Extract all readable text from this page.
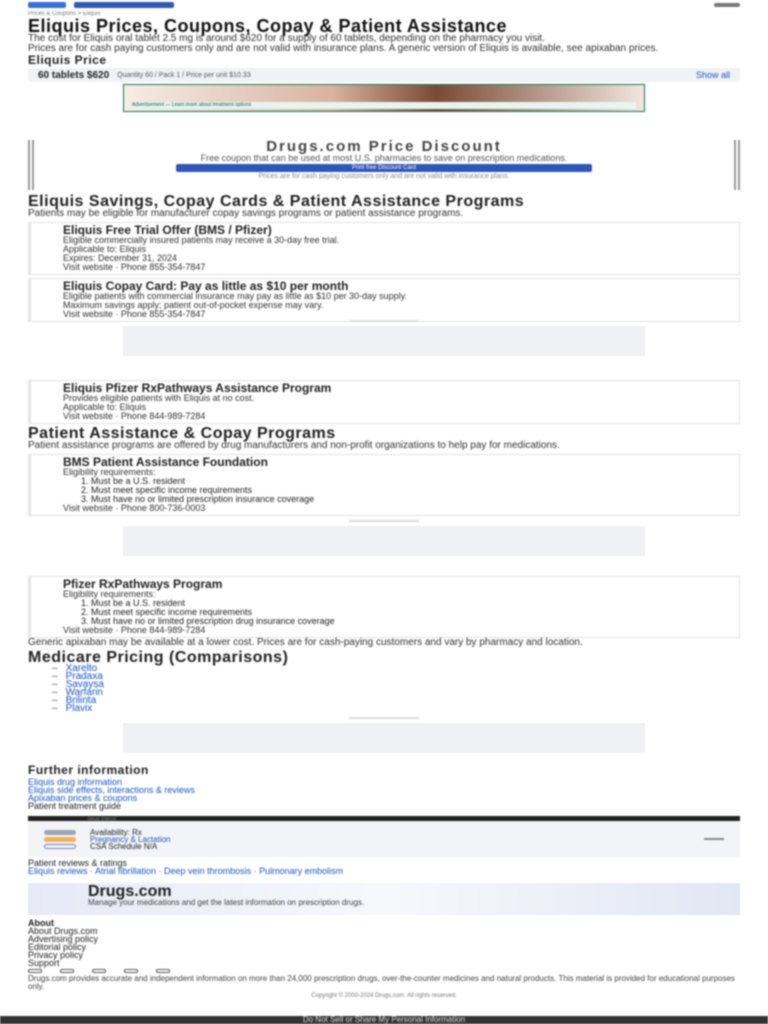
Prices & Coupons > Eliquis
Eliquis Prices, Coupons, Copay & Patient Assistance

The cost for Eliquis oral tablet 2.5 mg is around $620 for a supply of 60 tablets, depending on the pharmacy you visit.

Prices are for cash paying customers only and are not valid with insurance plans. A generic version of Eliquis is available, see apixaban prices.

Eliquis Price
60 tablets $620 Quantity 60 / Pack 1 / Price per unit $10.33	Show all
Advertisement — Learn more about treatment options
Drugs.com Price Discount
Free coupon that can be used at most U.S. pharmacies to save on prescription medications.
Print free Discount Card
Prices are for cash paying customers only and are not valid with insurance plans.
Eliquis Savings, Copay Cards & Patient Assistance Programs

Patients may be eligible for manufacturer copay savings programs or patient assistance programs.

Eliquis Free Trial Offer (BMS / Pfizer)
Eligible commercially insured patients may receive a 30-day free trial.
Applicable to: Eliquis
Expires: December 31, 2024
Visit website · Phone 855-354-7847
Eliquis Copay Card: Pay as little as $10 per month
Eligible patients with commercial insurance may pay as little as $10 per 30-day supply.
Maximum savings apply; patient out-of-pocket expense may vary.
Visit website · Phone 855-354-7847
Eliquis Pfizer RxPathways Assistance Program
Provides eligible patients with Eliquis at no cost.
Applicable to: Eliquis
Visit website · Phone 844-989-7284
Patient Assistance & Copay Programs

Patient assistance programs are offered by drug manufacturers and non-profit organizations to help pay for medications.

BMS Patient Assistance Foundation
Eligibility requirements:
1. Must be a U.S. resident
2. Must meet specific income requirements
3. Must have no or limited prescription insurance coverage
Visit website · Phone 800-736-0003
Pfizer RxPathways Program
Eligibility requirements:
1. Must be a U.S. resident
2. Must meet specific income requirements
3. Must have no or limited prescription drug insurance coverage
Visit website · Phone 844-989-7284

Generic apixaban may be available at a lower cost. Prices are for cash-paying customers and vary by pharmacy and location.

Medicare Pricing (Comparisons)
– Xarelto
– Pradaxa
– Savaysa
– Warfarin
– Brilinta
– Plavix
Further information
Eliquis drug information
Eliquis side effects, interactions & reviews
Apixaban prices & coupons
Patient treatment guide
DRUG STATUS
Availability: Rx
Pregnancy & Lactation
CSA Schedule N/A
Patient reviews & ratings
Eliquis reviews · Atrial fibrillation · Deep vein thrombosis · Pulmonary embolism
Drugs.com
Manage your medications and get the latest information on prescription drugs.
About
About Drugs.com
Advertising policy
Editorial policy
Privacy policy
Support

Drugs.com provides accurate and independent information on more than 24,000 prescription drugs, over-the-counter medicines and natural products. This material is provided for educational purposes only.

Copyright © 2000-2024 Drugs.com. All rights reserved.
Do Not Sell or Share My Personal Information
